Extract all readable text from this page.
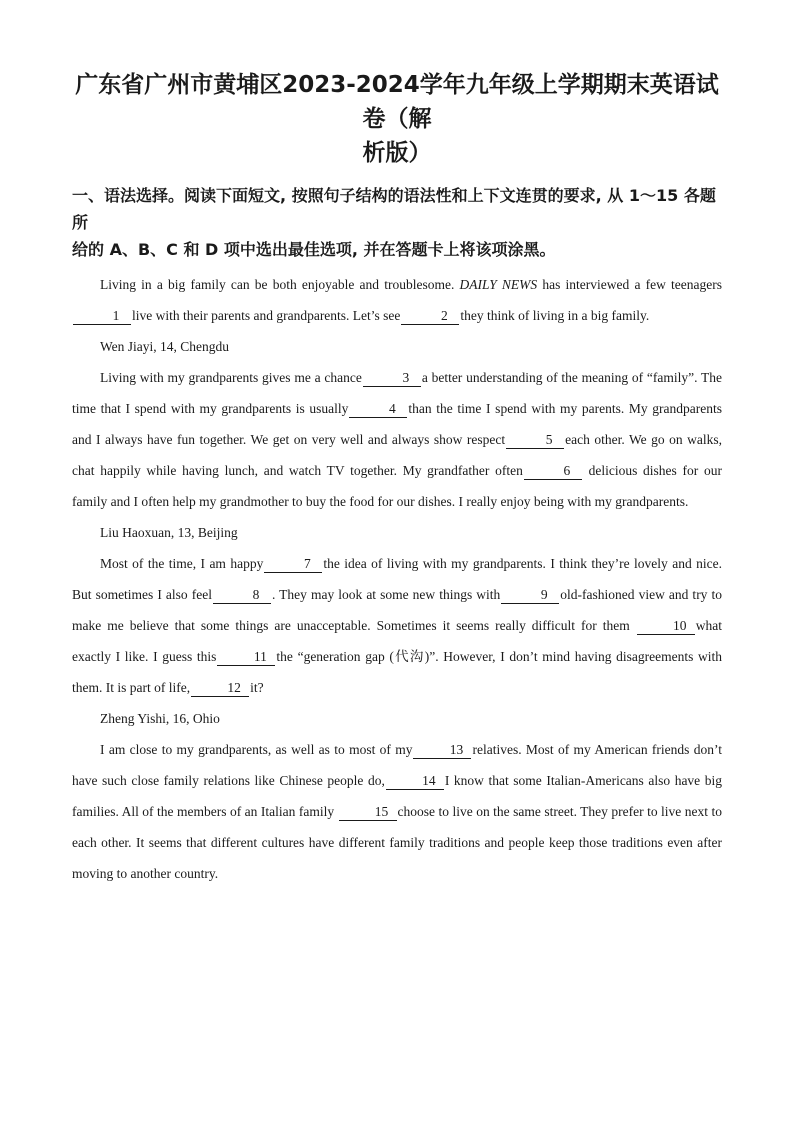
广东省广州市黄埔区2023-2024学年九年级上学期期末英语试卷（解
析版）
一、语法选择。阅读下面短文, 按照句子结构的语法性和上下文连贯的要求, 从 1～15 各题所
给的 A、B、C 和 D 项中选出最佳选项, 并在答题卡上将该项涂黑。

Living in a big family can be both enjoyable and troublesome. DAILY NEWS has interviewed a few teenagers 1 live with their parents and grandparents. Let’s see	2 they think of living in a big family.

Wen Jiayi, 14, Chengdu

Living with my grandparents gives me a chance	3 a better understanding of the meaning of “family”. The time that I spend with my grandparents is usually	4 than the time I spend with my parents. My grandparents and I always have fun together. We get on very well and always show respect	5 each other. We go on walks, chat happily while having lunch, and watch TV together. My grandfather often	6 delicious dishes for our family and I often help my grandmother to buy the food for our dishes. I really enjoy being with my grandparents.

Liu Haoxuan, 13, Beijing

Most of the time, I am happy	7 the idea of living with my grandparents. I think they’re lovely and nice. But sometimes I also feel	8 . They may look at some new things with	9 old-fashioned view and try to make me believe that some things are unacceptable. Sometimes it seems really difficult for them	10 what exactly I like. I guess this	11 the “generation gap (代沟)”. However, I don’t mind having disagreements with them. It is part of life,	12 it?

Zheng Yishi, 16, Ohio

I am close to my grandparents, as well as to most of my	13 relatives. Most of my American friends don’t have such close family relations like Chinese people do,	14 I know that some Italian-Americans also have big families. All of the members of an Italian family	15 choose to live on the same street. They prefer to live next to each other. It seems that different cultures have different family traditions and people keep those traditions even after moving to another country.
